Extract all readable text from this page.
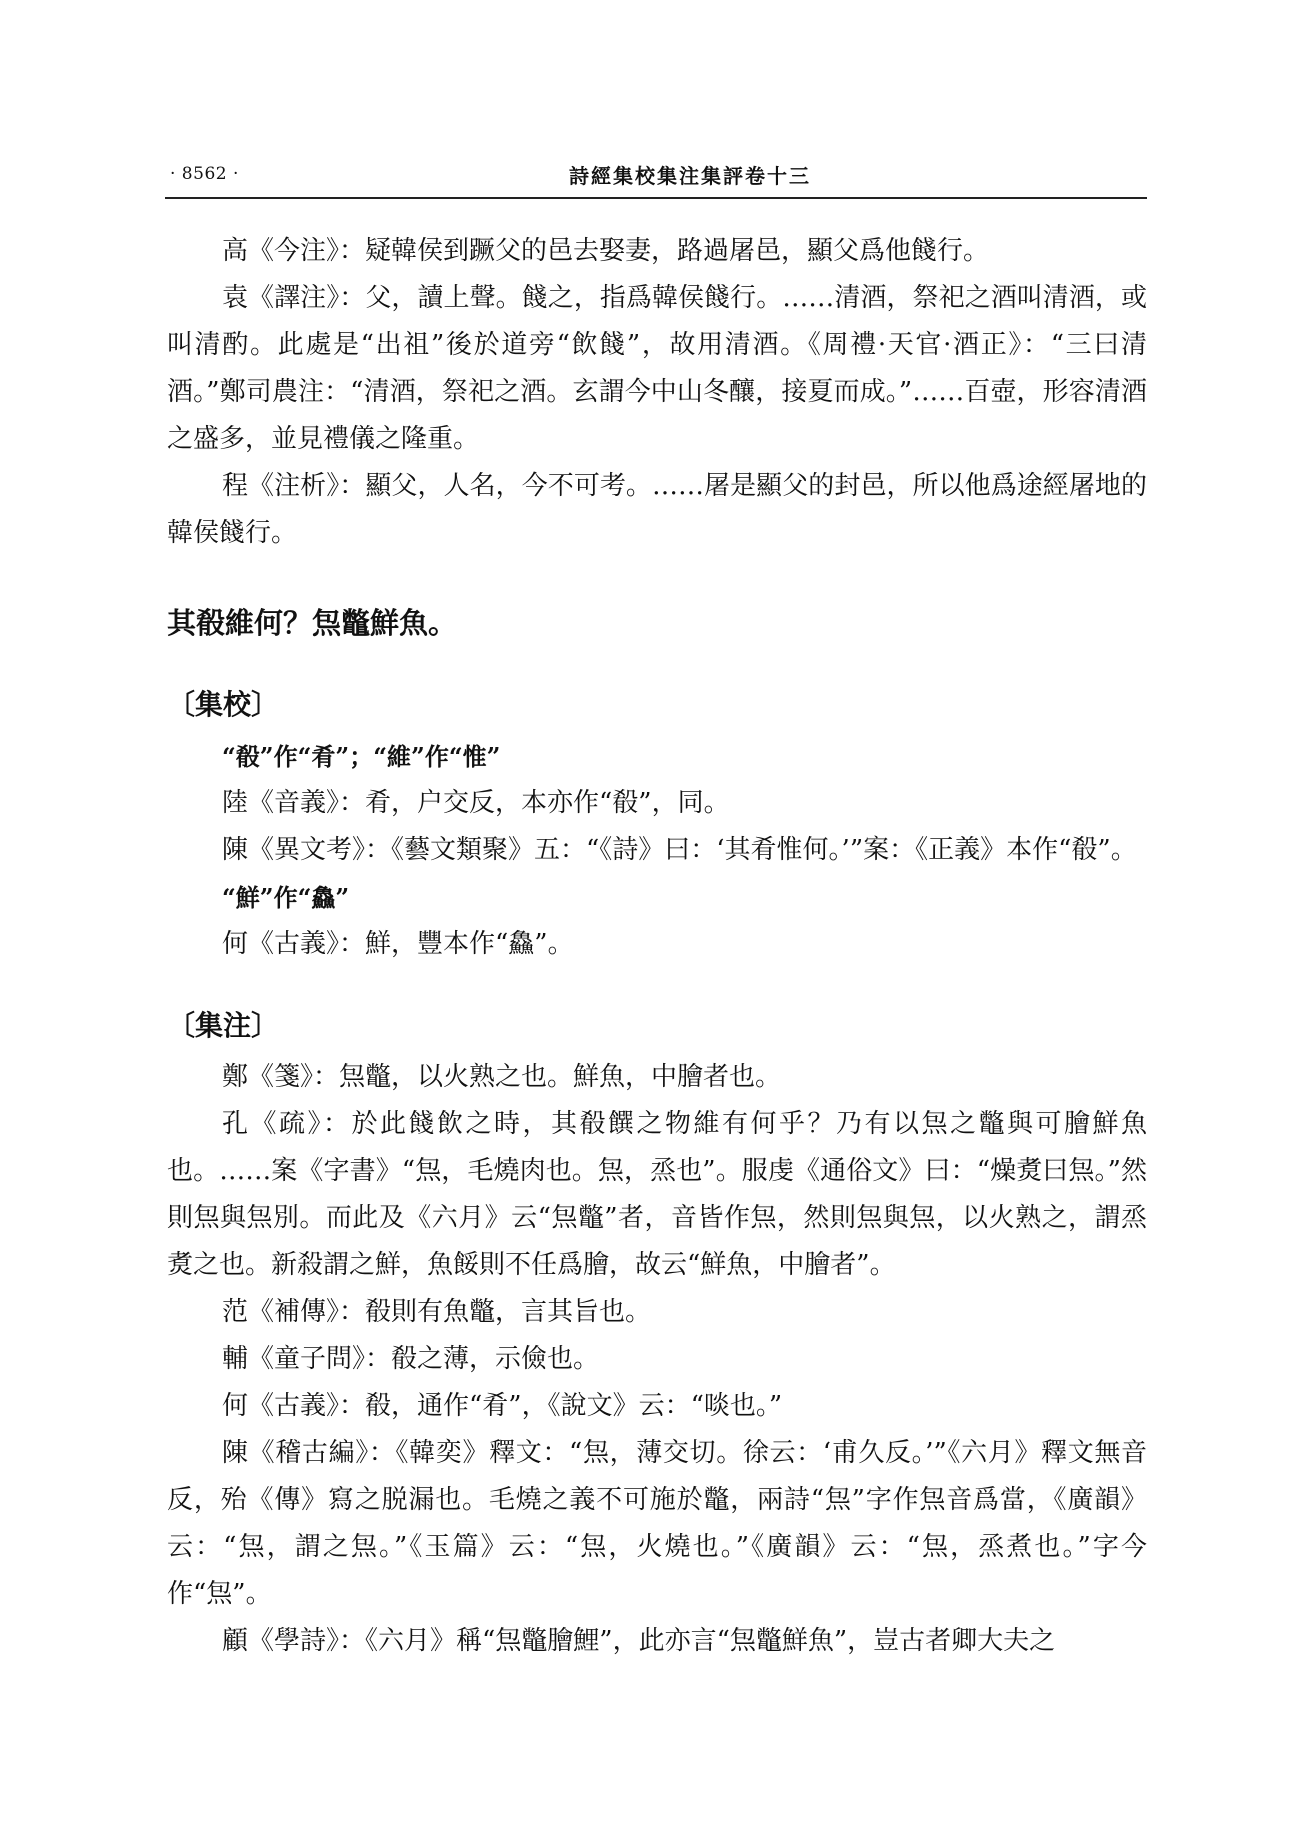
· 8562 ·	詩經集校集注集評卷十三

高《今注》：疑韓侯到蹶父的邑去娶妻，路過屠邑，顯父爲他餞行。

袁《譯注》：父，讀上聲。餞之，指爲韓侯餞行。……清酒，祭祀之酒叫清酒，或叫清酌。此處是“出祖”後於道旁“飲餞”，故用清酒。《周禮·天官·酒正》：“三曰清酒。”鄭司農注：“清酒，祭祀之酒。玄謂今中山冬釀，接夏而成。”……百壺，形容清酒之盛多，並見禮儀之隆重。

程《注析》：顯父，人名，今不可考。……屠是顯父的封邑，所以他爲途經屠地的韓侯餞行。

其殽維何？炰鼈鮮魚。

〔集校〕

“殽”作“肴”；“維”作“惟”

陸《音義》：肴，户交反，本亦作“殽”，同。

陳《異文考》：《藝文類聚》五：“《詩》曰：‘其肴惟何。’”案：《正義》本作“殽”。

“鮮”作“鱻”

何《古義》：鮮，豐本作“鱻”。

〔集注〕

鄭《箋》：炰鼈，以火熟之也。鮮魚，中膾者也。

孔《疏》：於此餞飲之時，其殽饌之物維有何乎？乃有以炰之鼈與可膾鮮魚也。……案《字書》“炰，毛燒肉也。炰，烝也”。服虔《通俗文》曰：“燥煑曰炰。”然則炰與炰別。而此及《六月》云“炰鼈”者，音皆作炰，然則炰與炰，以火熟之，謂烝煑之也。新殺謂之鮮，魚餒則不任爲膾，故云“鮮魚，中膾者”。

范《補傳》：殽則有魚鼈，言其旨也。

輔《童子問》：殽之薄，示儉也。

何《古義》：殽，通作“肴”，《說文》云：“啖也。”

陳《稽古編》：《韓奕》釋文：“炰，薄交切。徐云：‘甫久反。’”《六月》釋文無音反，殆《傳》寫之脱漏也。毛燒之義不可施於鼈，兩詩“炰”字作炰音爲當，《廣韻》云：“炰，謂之炰。”《玉篇》云：“炰，火燒也。”《廣韻》云：“炰，烝煮也。”字今作“炰”。

顧《學詩》：《六月》稱“炰鼈膾鯉”，此亦言“炰鼈鮮魚”，豈古者卿大夫之
